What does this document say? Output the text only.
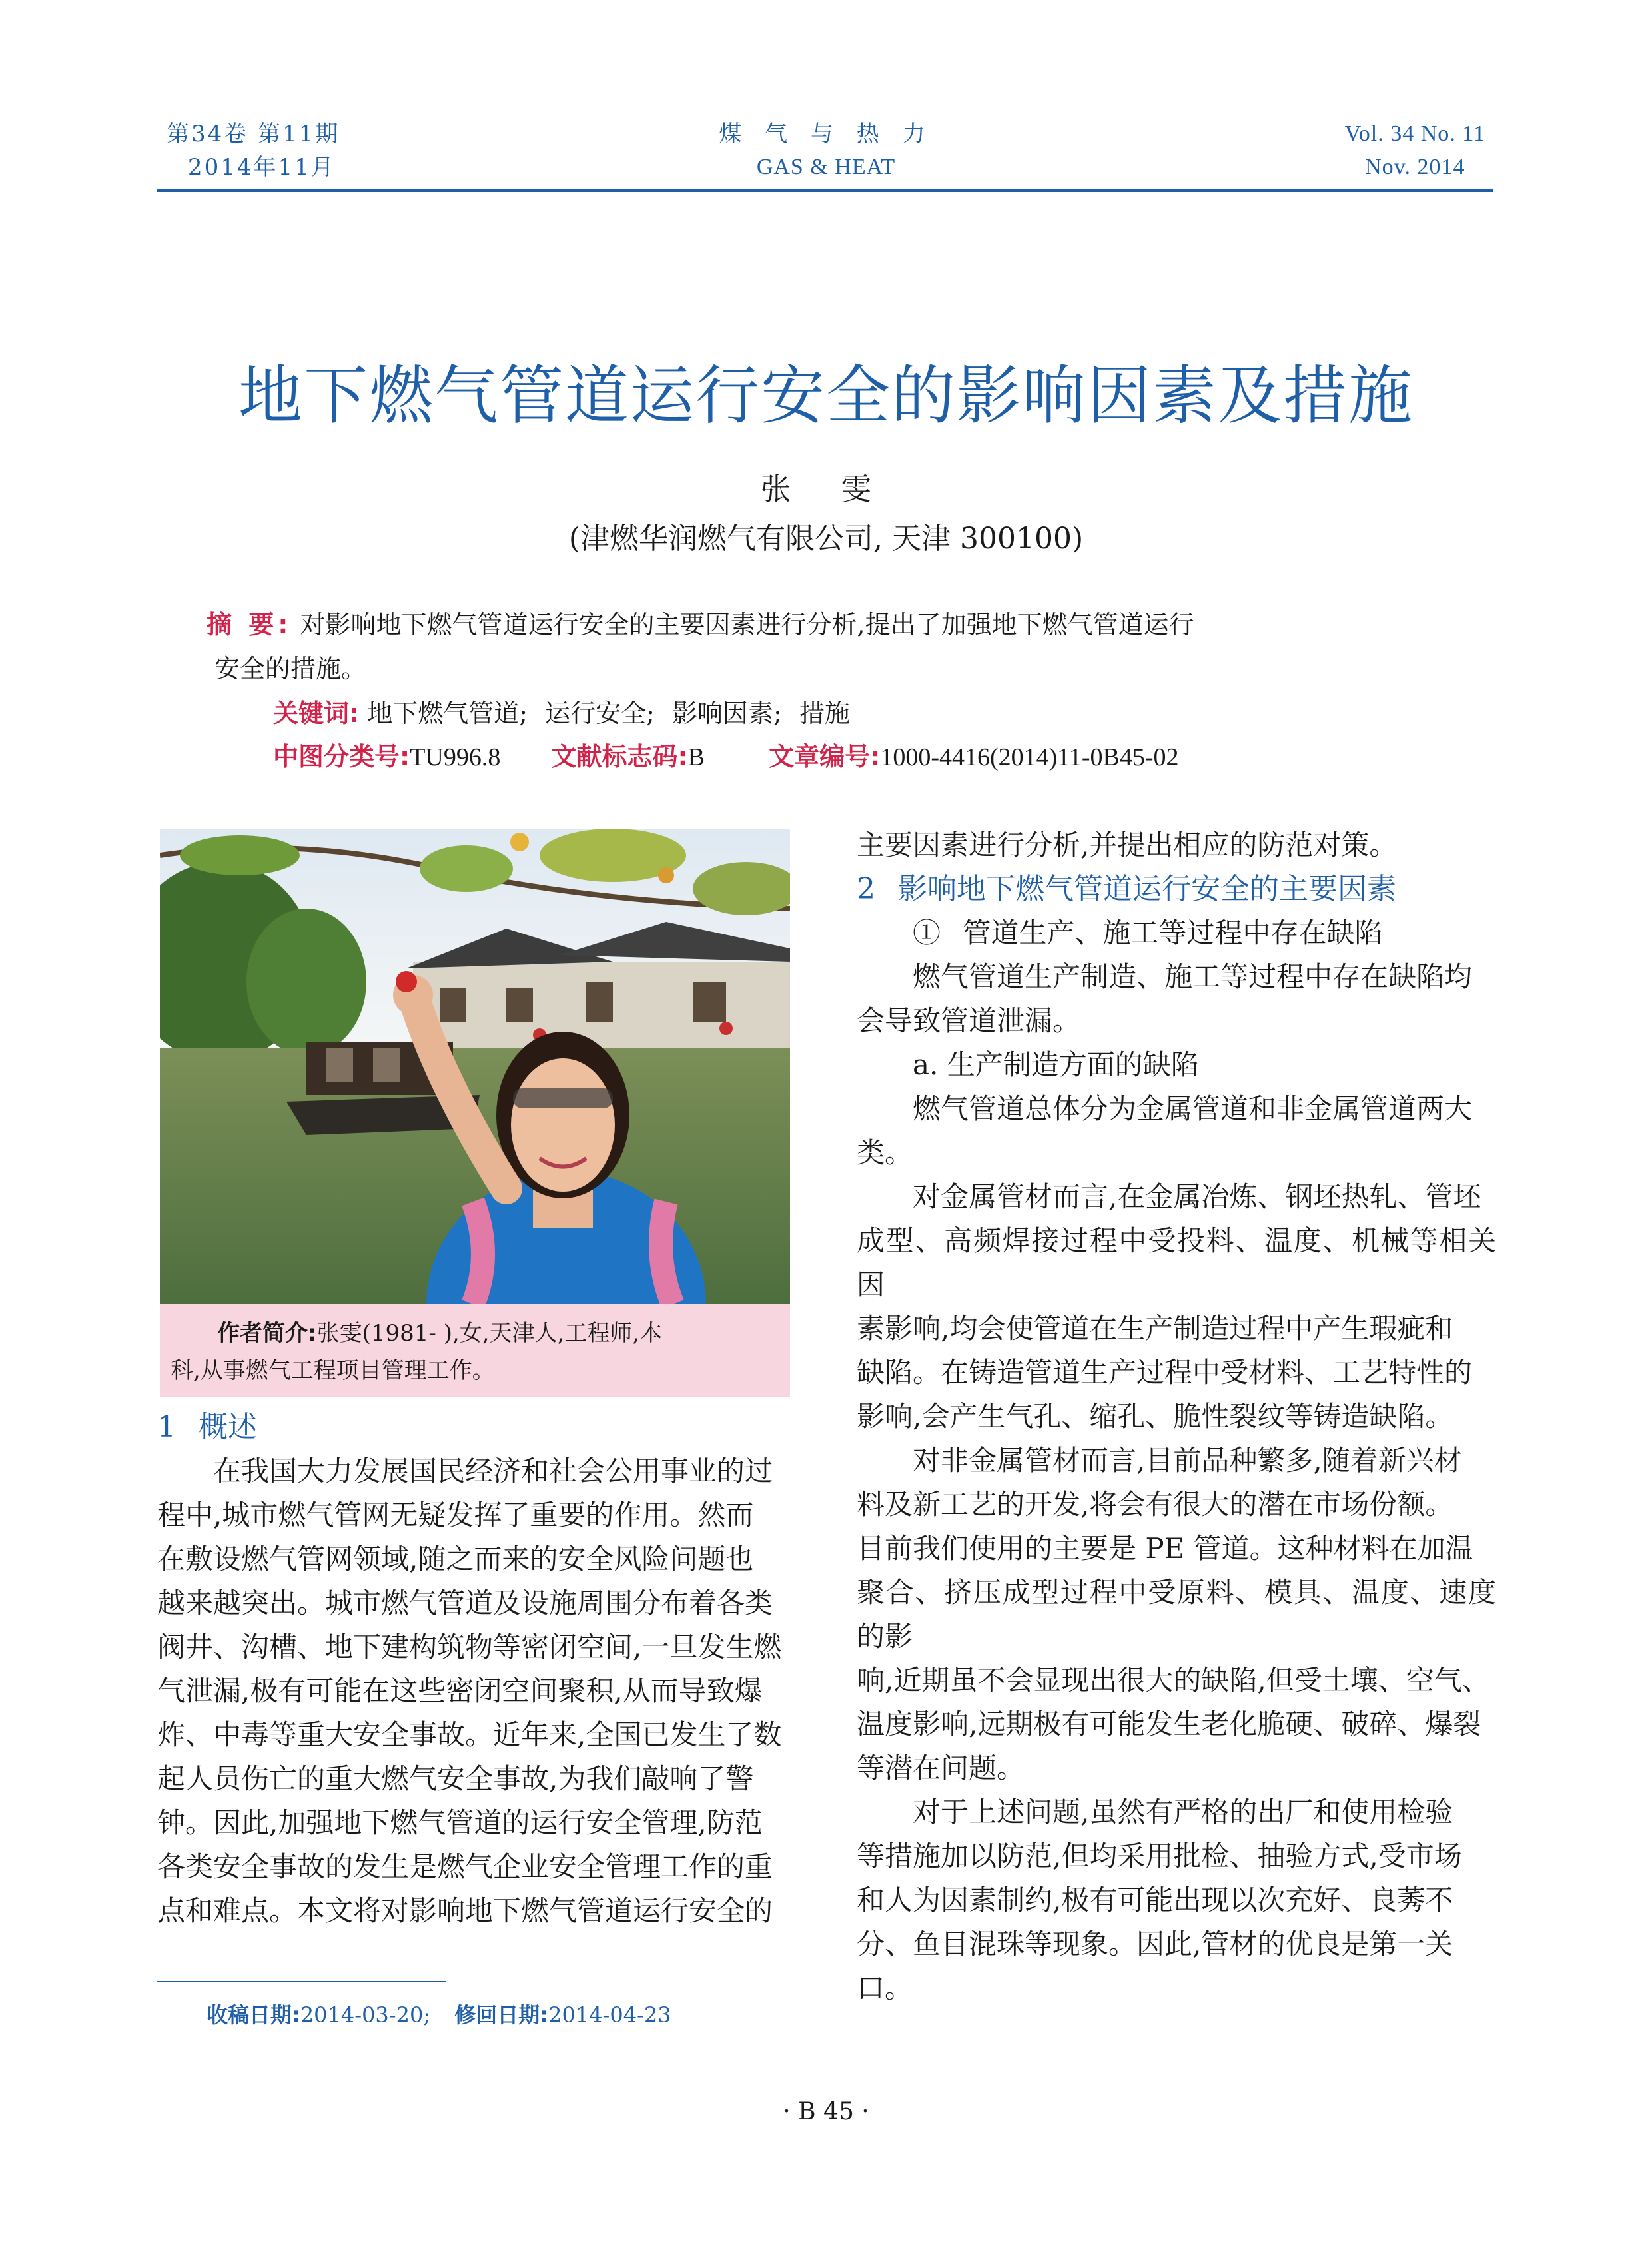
第34卷 第11期
2014年11月
煤 气 与 热 力
GAS & HEAT
Vol. 34 No. 11
Nov. 2014
地下燃气管道运行安全的影响因素及措施
张 雯
(津燃华润燃气有限公司, 天津 300100)
摘 要: 对影响地下燃气管道运行安全的主要因素进行分析,提出了加强地下燃气管道运行
安全的措施。
关键词: 地下燃气管道; 运行安全; 影响因素; 措施
中图分类号:TU996.8 文献标志码:B	文章编号:1000-4416(2014)11-0B45-02

作者简介:张雯(1981- ),女,天津人,工程师,本

科,从事燃气工程项目管理工作。
1 概述
在我国大力发展国民经济和社会公用事业的过
程中,城市燃气管网无疑发挥了重要的作用。然而
在敷设燃气管网领域,随之而来的安全风险问题也
越来越突出。城市燃气管道及设施周围分布着各类
阀井、沟槽、地下建构筑物等密闭空间,一旦发生燃
气泄漏,极有可能在这些密闭空间聚积,从而导致爆
炸、中毒等重大安全事故。近年来,全国已发生了数
起人员伤亡的重大燃气安全事故,为我们敲响了警
钟。因此,加强地下燃气管道的运行安全管理,防范
各类安全事故的发生是燃气企业安全管理工作的重
点和难点。本文将对影响地下燃气管道运行安全的
主要因素进行分析,并提出相应的防范对策。
2 影响地下燃气管道运行安全的主要因素
① 管道生产、施工等过程中存在缺陷
燃气管道生产制造、施工等过程中存在缺陷均
会导致管道泄漏。
a. 生产制造方面的缺陷
燃气管道总体分为金属管道和非金属管道两大
类。
对金属管材而言,在金属冶炼、钢坯热轧、管坯
成型、高频焊接过程中受投料、温度、机械等相关因
素影响,均会使管道在生产制造过程中产生瑕疵和
缺陷。在铸造管道生产过程中受材料、工艺特性的
影响,会产生气孔、缩孔、脆性裂纹等铸造缺陷。
对非金属管材而言,目前品种繁多,随着新兴材
料及新工艺的开发,将会有很大的潜在市场份额。
目前我们使用的主要是 PE 管道。这种材料在加温
聚合、挤压成型过程中受原料、模具、温度、速度的影
响,近期虽不会显现出很大的缺陷,但受土壤、空气、
温度影响,远期极有可能发生老化脆硬、破碎、爆裂
等潜在问题。
对于上述问题,虽然有严格的出厂和使用检验
等措施加以防范,但均采用批检、抽验方式,受市场
和人为因素制约,极有可能出现以次充好、良莠不
分、鱼目混珠等现象。因此,管材的优良是第一关
口。
收稿日期:2014-03-20; 修回日期:2014-04-23
· B 45 ·
